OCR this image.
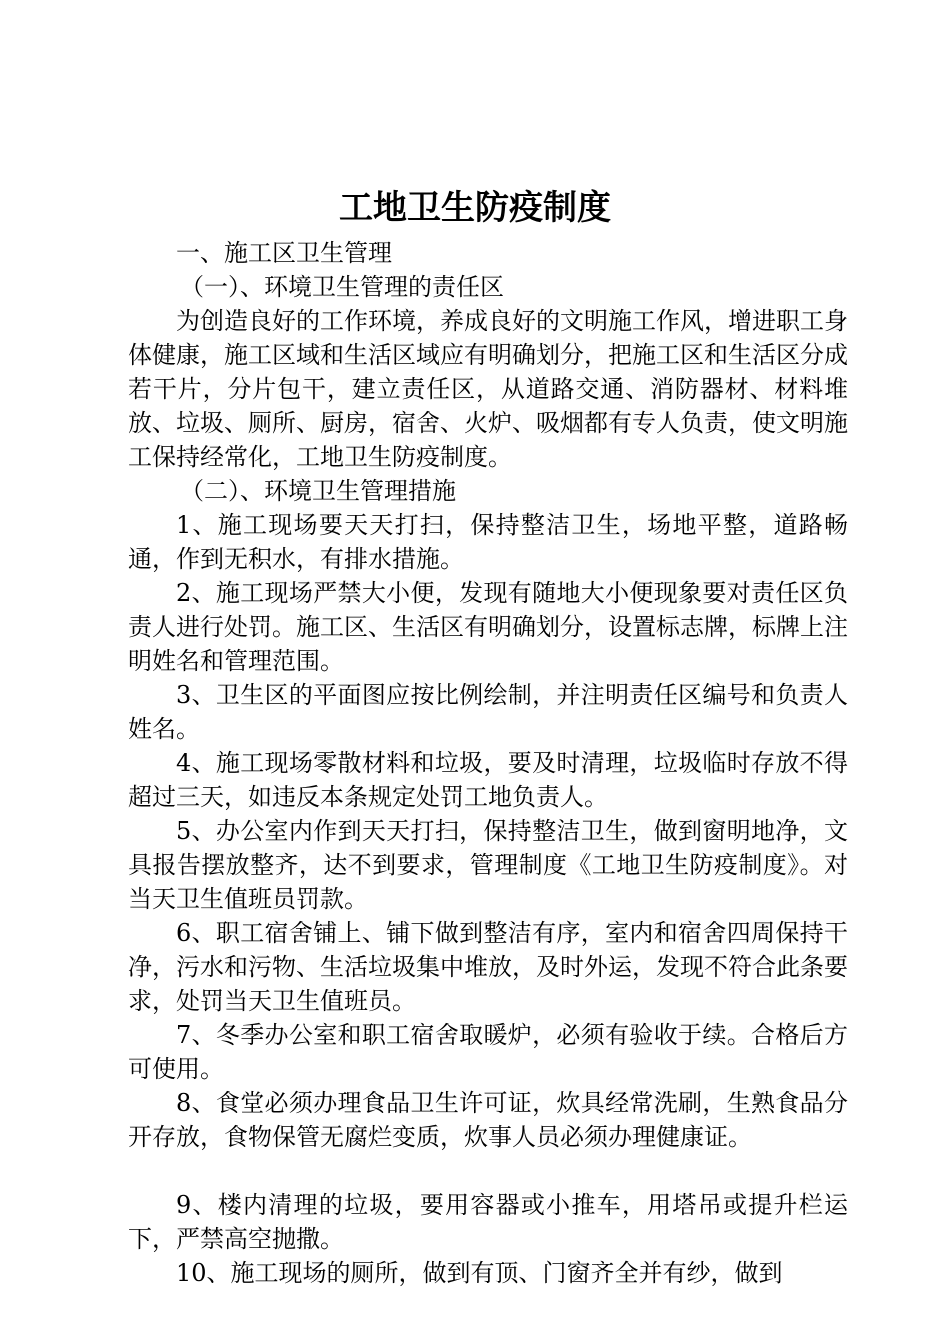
工地卫生防疫制度

一、施工区卫生管理

（一）、环境卫生管理的责任区

为创造良好的工作环境，养成良好的文明施工作风，增进职工身体健康，施工区域和生活区域应有明确划分，把施工区和生活区分成若干片，分片包干，建立责任区，从道路交通、消防器材、材料堆放、垃圾、厕所、厨房，宿舍、火炉、吸烟都有专人负责，使文明施工保持经常化，工地卫生防疫制度。

（二）、环境卫生管理措施

1、施工现场要天天打扫，保持整洁卫生，场地平整，道路畅通，作到无积水，有排水措施。

2、施工现场严禁大小便，发现有随地大小便现象要对责任区负责人进行处罚。施工区、生活区有明确划分，设置标志牌，标牌上注明姓名和管理范围。

3、卫生区的平面图应按比例绘制，并注明责任区编号和负责人姓名。

4、施工现场零散材料和垃圾，要及时清理，垃圾临时存放不得超过三天，如违反本条规定处罚工地负责人。

5、办公室内作到天天打扫，保持整洁卫生，做到窗明地净，文具报告摆放整齐，达不到要求，管理制度《工地卫生防疫制度》。对当天卫生值班员罚款。

6、职工宿舍铺上、铺下做到整洁有序，室内和宿舍四周保持干净，污水和污物、生活垃圾集中堆放，及时外运，发现不符合此条要求，处罚当天卫生值班员。

7、冬季办公室和职工宿舍取暖炉，必须有验收于续。合格后方可使用。

8、食堂必须办理食品卫生许可证，炊具经常洗刷，生熟食品分开存放，食物保管无腐烂变质，炊事人员必须办理健康证。

9、楼内清理的垃圾，要用容器或小推车，用塔吊或提升栏运下，严禁高空抛撒。

10、施工现场的厕所，做到有顶、门窗齐全并有纱，做到
